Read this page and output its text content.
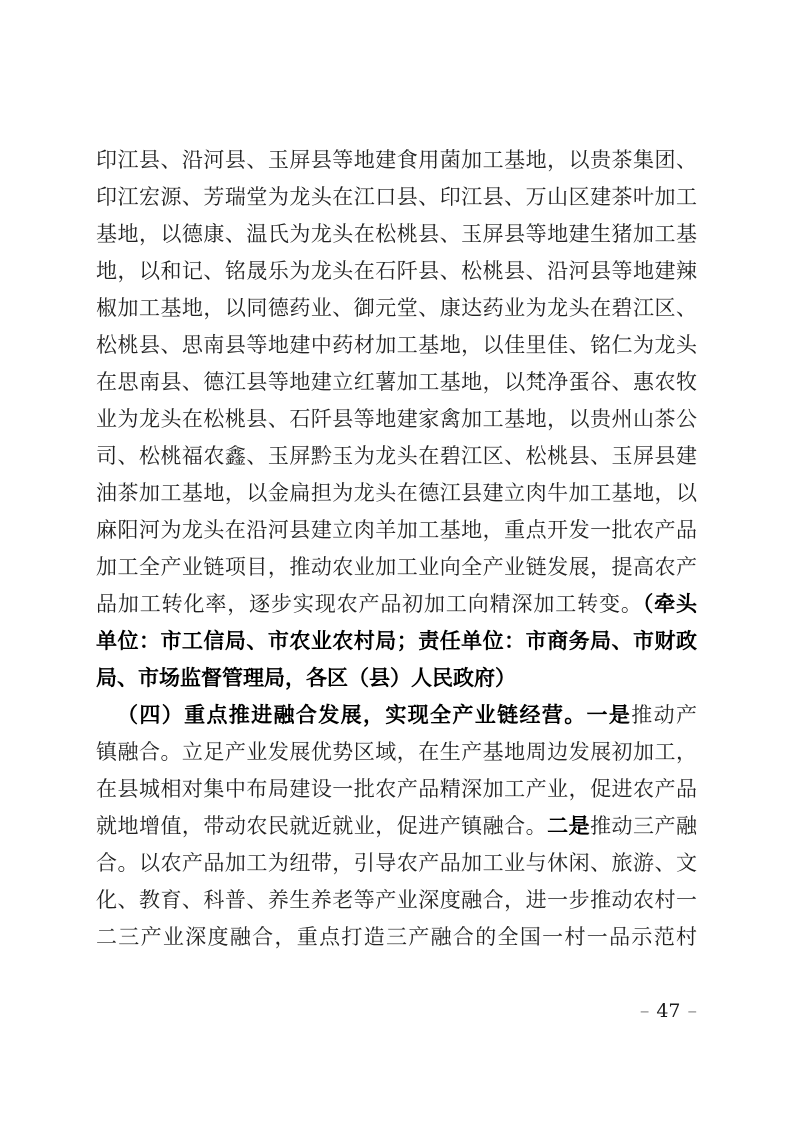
印江县、沿河县、玉屏县等地建食用菌加工基地，以贵茶集团、
印江宏源、芳瑞堂为龙头在江口县、印江县、万山区建茶叶加工
基地，以德康、温氏为龙头在松桃县、玉屏县等地建生猪加工基
地，以和记、铭晟乐为龙头在石阡县、松桃县、沿河县等地建辣
椒加工基地，以同德药业、御元堂、康达药业为龙头在碧江区、
松桃县、思南县等地建中药材加工基地，以佳里佳、铭仁为龙头
在思南县、德江县等地建立红薯加工基地，以梵净蛋谷、惠农牧
业为龙头在松桃县、石阡县等地建家禽加工基地，以贵州山茶公
司、松桃福农鑫、玉屏黔玉为龙头在碧江区、松桃县、玉屏县建
油茶加工基地，以金扁担为龙头在德江县建立肉牛加工基地，以
麻阳河为龙头在沿河县建立肉羊加工基地，重点开发一批农产品
加工全产业链项目，推动农业加工业向全产业链发展，提高农产
品加工转化率，逐步实现农产品初加工向精深加工转变。（牵头
单位：市工信局、市农业农村局；责任单位：市商务局、市财政
局、市场监督管理局，各区（县）人民政府）
（四）重点推进融合发展，实现全产业链经营。一是推动产
镇融合。立足产业发展优势区域，在生产基地周边发展初加工，
在县城相对集中布局建设一批农产品精深加工产业，促进农产品
就地增值，带动农民就近就业，促进产镇融合。二是推动三产融
合。以农产品加工为纽带，引导农产品加工业与休闲、旅游、文
化、教育、科普、养生养老等产业深度融合，进一步推动农村一
二三产业深度融合，重点打造三产融合的全国一村一品示范村
– 47 –
